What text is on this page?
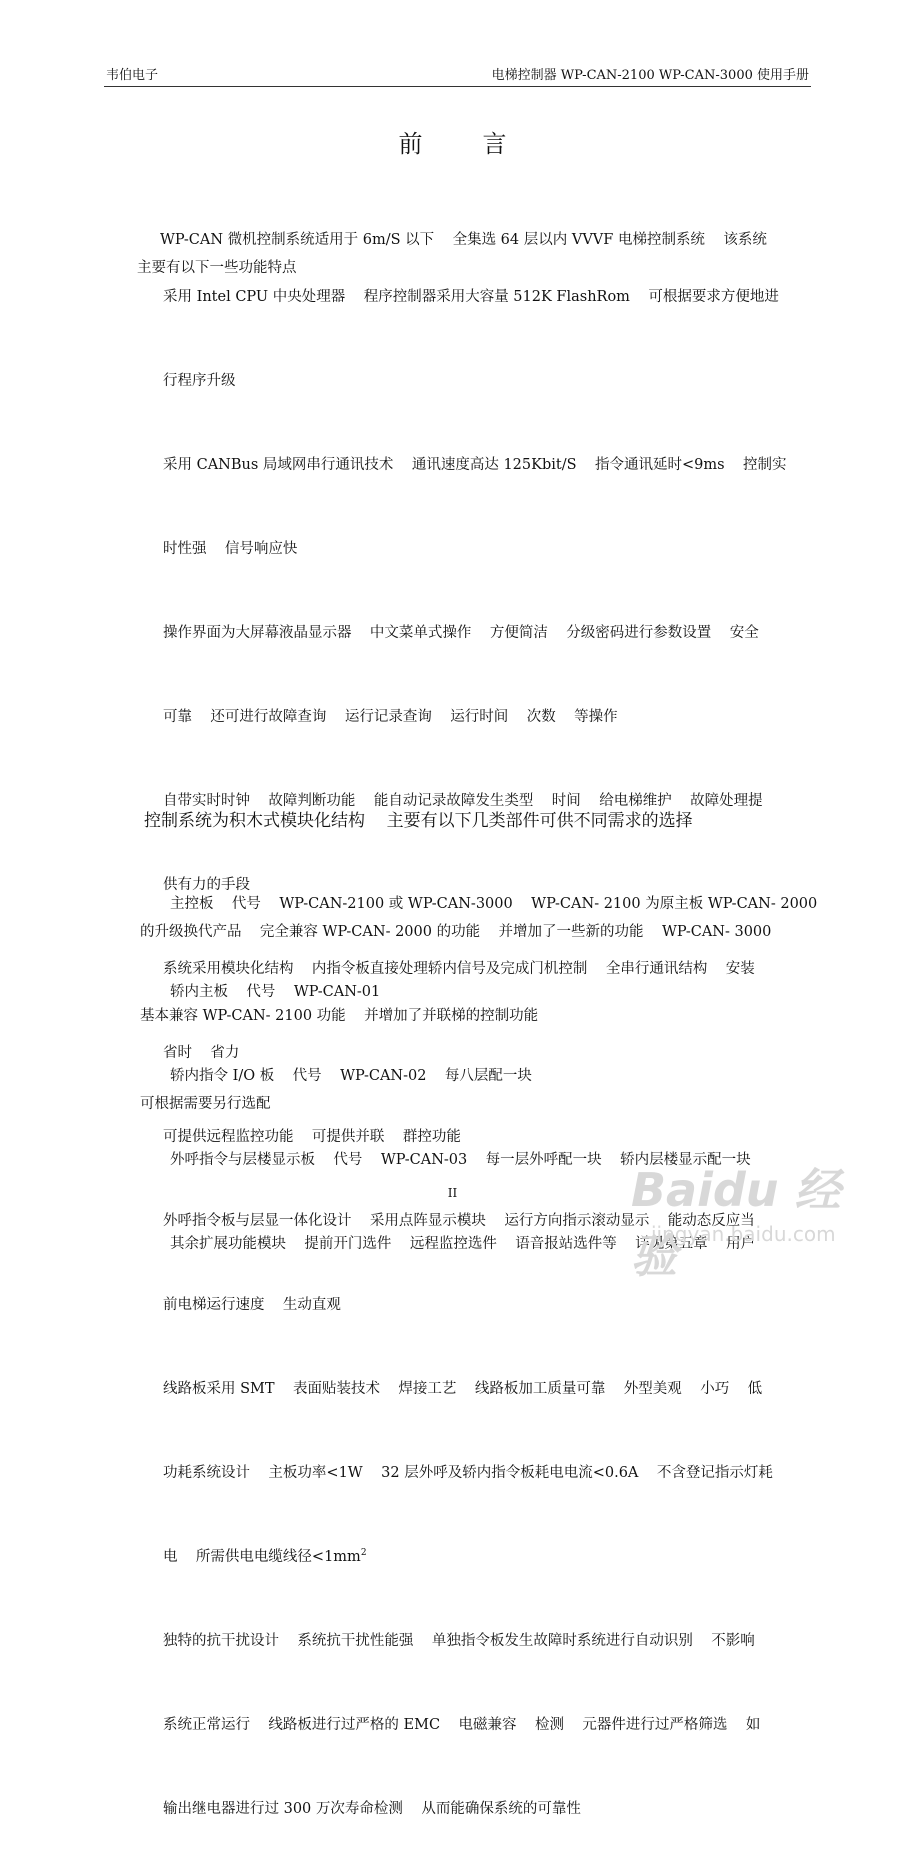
韦伯电子	电梯控制器 WP-CAN-2100 WP-CAN-3000 使用手册
前言

WP-CAN 微机控制系统适用于 6m/S 以下    全集选 64 层以内 VVVF 电梯控制系统    该系统

主要有以下一些功能特点

采用 Intel CPU 中央处理器    程序控制器采用大容量 512K FlashRom    可根据要求方便地进

行程序升级

采用 CANBus 局域网串行通讯技术    通讯速度高达 125Kbit/S    指令通讯延时<9ms    控制实

时性强    信号响应快

操作界面为大屏幕液晶显示器    中文菜单式操作    方便简洁    分级密码进行参数设置    安全

可靠    还可进行故障查询    运行记录查询    运行时间    次数    等操作

自带实时时钟    故障判断功能    能自动记录故障发生类型    时间    给电梯维护    故障处理提

供有力的手段

系统采用模块化结构    内指令板直接处理轿内信号及完成门机控制    全串行通讯结构    安装

省时    省力

可提供远程监控功能    可提供并联    群控功能

外呼指令板与层显一体化设计    采用点阵显示模块    运行方向指示滚动显示    能动态反应当

前电梯运行速度    生动直观

线路板采用 SMT    表面贴装技术    焊接工艺    线路板加工质量可靠    外型美观    小巧    低

功耗系统设计    主板功率<1W    32 层外呼及轿内指令板耗电电流<0.6A    不含登记指示灯耗

电    所需供电电缆线径$<1mm^2$

独特的抗干扰设计    系统抗干扰性能强    单独指令板发生故障时系统进行自动识别    不影响

系统正常运行    线路板进行过严格的 EMC    电磁兼容    检测    元器件进行过严格筛选    如

输出继电器进行过 300 万次寿命检测    从而能确保系统的可靠性

控制系统为积木式模块化结构    主要有以下几类部件可供不同需求的选择

主控板    代号    WP-CAN-2100 或 WP-CAN-3000    WP-CAN- 2100 为原主板 WP-CAN- 2000

的升级换代产品    完全兼容 WP-CAN- 2000 的功能    并增加了一些新的功能    WP-CAN- 3000

基本兼容 WP-CAN- 2100 功能    并增加了并联梯的控制功能

轿内主板    代号    WP-CAN-01

轿内指令 I/O 板    代号    WP-CAN-02    每八层配一块

外呼指令与层楼显示板    代号    WP-CAN-03    每一层外呼配一块    轿内层楼显示配一块

其余扩展功能模块    提前开门选件    远程监控选件    语音报站选件等    详见第五章    用户

可根据需要另行选配

II	Baidu 经验
jingyan.baidu.com
